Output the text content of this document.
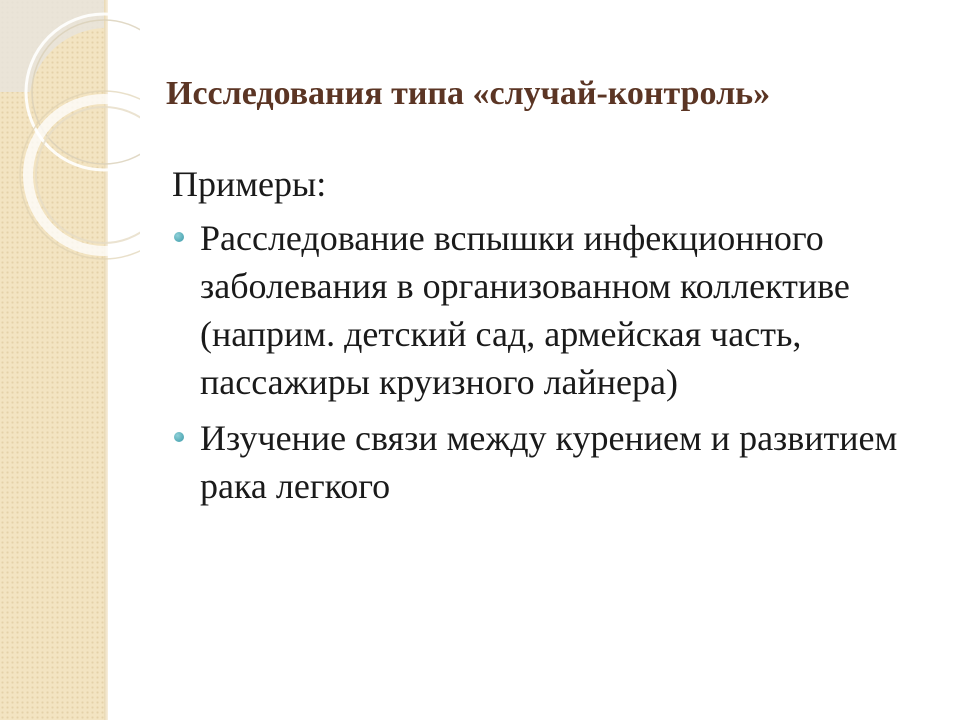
Исследования типа «случай-контроль»

Примеры:

Расследование вспышки инфекционного заболевания в организованном коллективе (наприм. детский сад, армейская часть, пассажиры круизного лайнера)
Изучение связи между курением и развитием рака легкого
